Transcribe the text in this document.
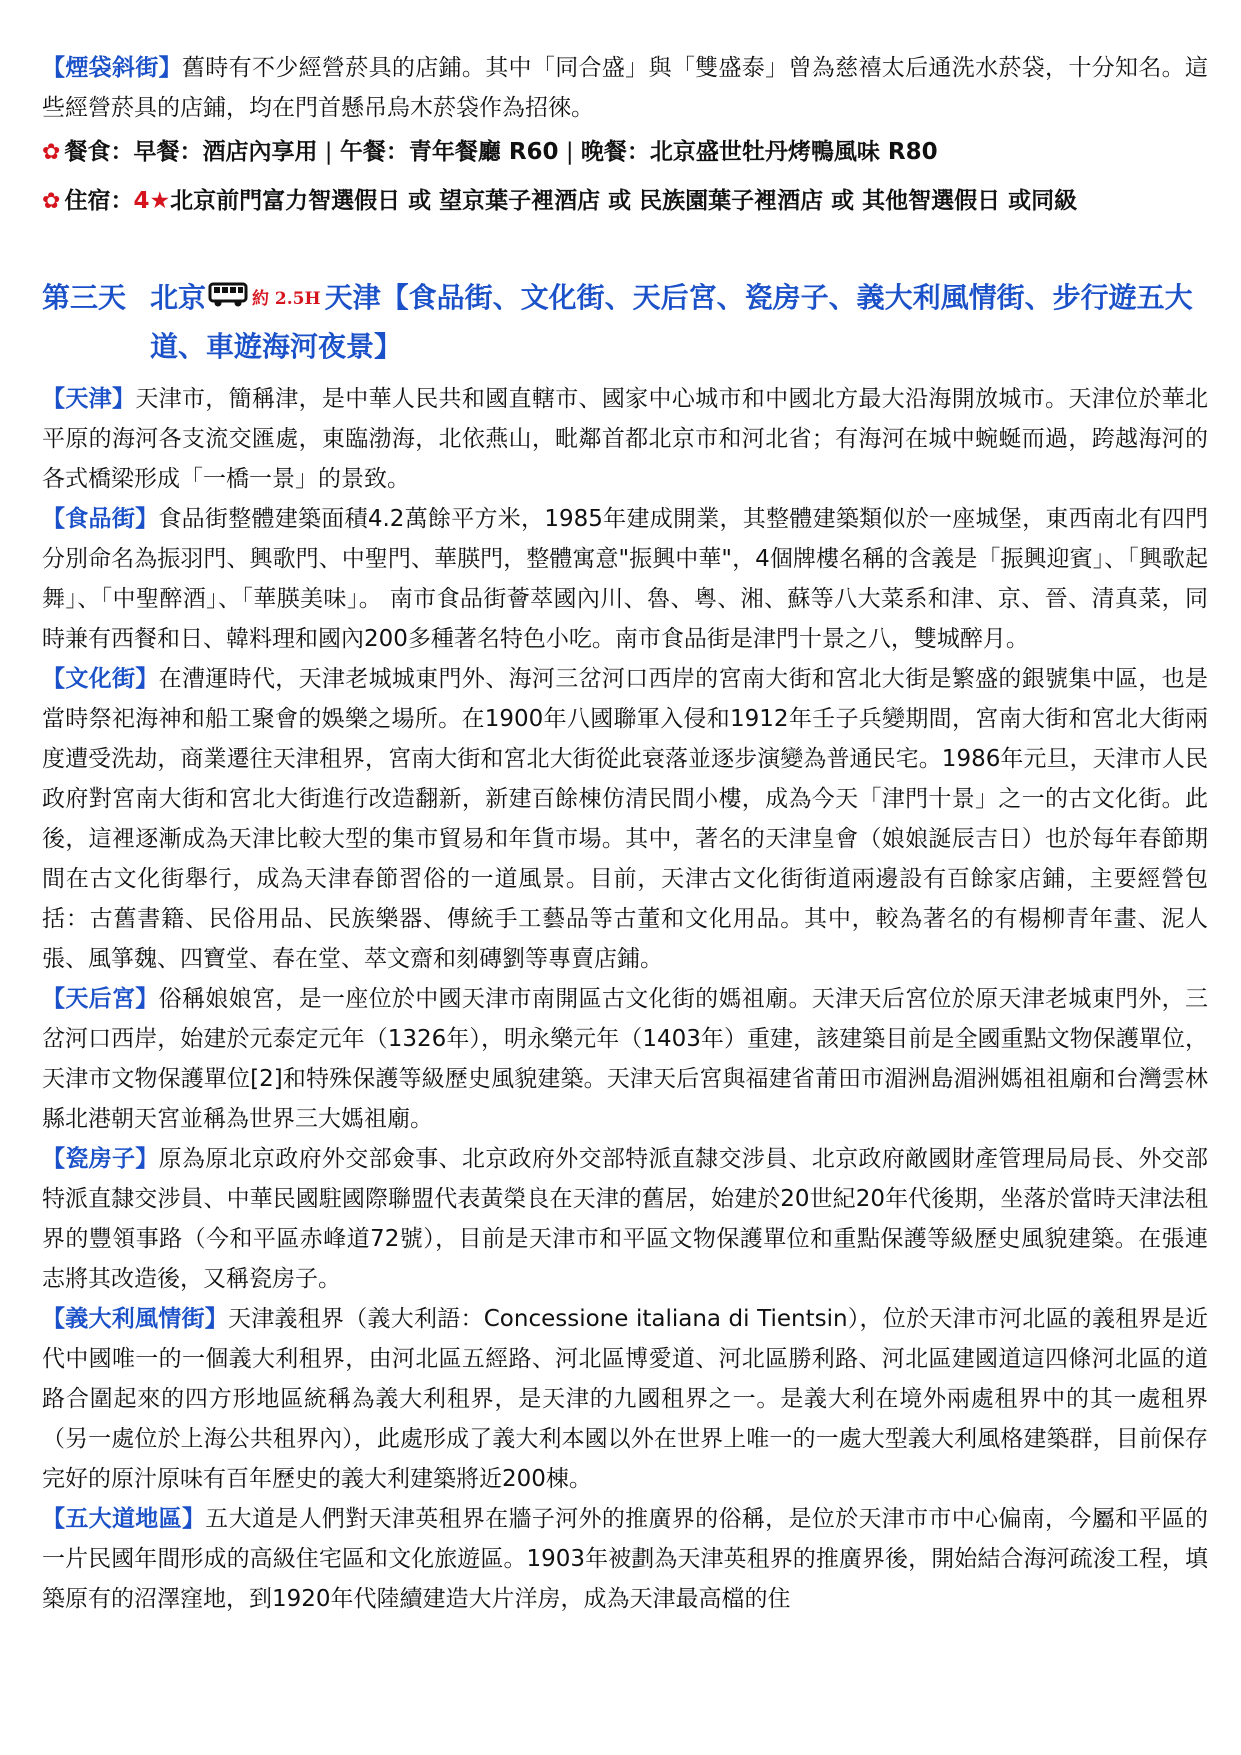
【煙袋斜街】舊時有不少經營菸具的店鋪。其中「同合盛」與「雙盛泰」曾為慈禧太后通洗水菸袋，十分知名。這些經營菸具的店鋪，均在門首懸吊烏木菸袋作為招徠。

✿ 餐食：早餐：酒店內享用 | 午餐：青年餐廳 R60 | 晚餐：北京盛世牡丹烤鴨風味 R80
✿ 住宿：4★北京前門富力智選假日 或 望京葉子裡酒店 或 民族園葉子裡酒店 或 其他智選假日 或同級
第三天 北京	約 2.5H 天津【食品街、文化街、天后宮、瓷房子、義大利風情街、步行遊五大道、車遊海河夜景】

【天津】天津市，簡稱津，是中華人民共和國直轄市、國家中心城市和中國北方最大沿海開放城市。天津位於華北平原的海河各支流交匯處，東臨渤海，北依燕山，毗鄰首都北京市和河北省；有海河在城中蜿蜒而過，跨越海河的各式橋梁形成「一橋一景」的景致。

【食品街】食品街整體建築面積4.2萬餘平方米，1985年建成開業，其整體建築類似於一座城堡，東西南北有四門分別命名為振羽門、興歌門、中聖門、華朠門，整體寓意"振興中華"，4個牌樓名稱的含義是「振興迎賓」、「興歌起舞」、「中聖醉酒」、「華朠美味」。 南市食品街薈萃國內川、魯、粵、湘、蘇等八大菜系和津、京、晉、清真菜，同時兼有西餐和日、韓料理和國內200多種著名特色小吃。南市食品街是津門十景之八，雙城醉月。

【文化街】在漕運時代，天津老城城東門外、海河三岔河口西岸的宮南大街和宮北大街是繁盛的銀號集中區，也是當時祭祀海神和船工聚會的娛樂之場所。在1900年八國聯軍入侵和1912年壬子兵變期間，宮南大街和宮北大街兩度遭受洗劫，商業遷往天津租界，宮南大街和宮北大街從此衰落並逐步演變為普通民宅。1986年元旦，天津市人民政府對宮南大街和宮北大街進行改造翻新，新建百餘棟仿清民間小樓，成為今天「津門十景」之一的古文化街。此後，這裡逐漸成為天津比較大型的集市貿易和年貨市場。其中，著名的天津皇會（娘娘誕辰吉日）也於每年春節期間在古文化街舉行，成為天津春節習俗的一道風景。目前，天津古文化街街道兩邊設有百餘家店鋪，主要經營包括：古舊書籍、民俗用品、民族樂器、傳統手工藝品等古董和文化用品。其中，較為著名的有楊柳青年畫、泥人張、風箏魏、四寶堂、春在堂、萃文齋和刻磚劉等專賣店鋪。

【天后宮】俗稱娘娘宮，是一座位於中國天津市南開區古文化街的媽祖廟。天津天后宮位於原天津老城東門外，三岔河口西岸，始建於元泰定元年（1326年），明永樂元年（1403年）重建，該建築目前是全國重點文物保護單位，天津市文物保護單位[2]和特殊保護等級歷史風貌建築。天津天后宮與福建省莆田市湄洲島湄洲媽祖祖廟和台灣雲林縣北港朝天宮並稱為世界三大媽祖廟。

【瓷房子】原為原北京政府外交部僉事、北京政府外交部特派直隸交涉員、北京政府敵國財產管理局局長、外交部特派直隸交涉員、中華民國駐國際聯盟代表黃榮良在天津的舊居，始建於20世紀20年代後期，坐落於當時天津法租界的豐領事路（今和平區赤峰道72號），目前是天津市和平區文物保護單位和重點保護等級歷史風貌建築。在張連志將其改造後，又稱瓷房子。

【義大利風情街】天津義租界（義大利語：Concessione italiana di Tientsin），位於天津市河北區的義租界是近代中國唯一的一個義大利租界，由河北區五經路、河北區博愛道、河北區勝利路、河北區建國道這四條河北區的道路合圍起來的四方形地區統稱為義大利租界，是天津的九國租界之一。是義大利在境外兩處租界中的其一處租界（另一處位於上海公共租界內），此處形成了義大利本國以外在世界上唯一的一處大型義大利風格建築群，目前保存完好的原汁原味有百年歷史的義大利建築將近200棟。

【五大道地區】五大道是人們對天津英租界在牆子河外的推廣界的俗稱，是位於天津市市中心偏南，今屬和平區的一片民國年間形成的高級住宅區和文化旅遊區。1903年被劃為天津英租界的推廣界後，開始結合海河疏浚工程，填築原有的沼澤窪地，到1920年代陸續建造大片洋房，成為天津最高檔的住
